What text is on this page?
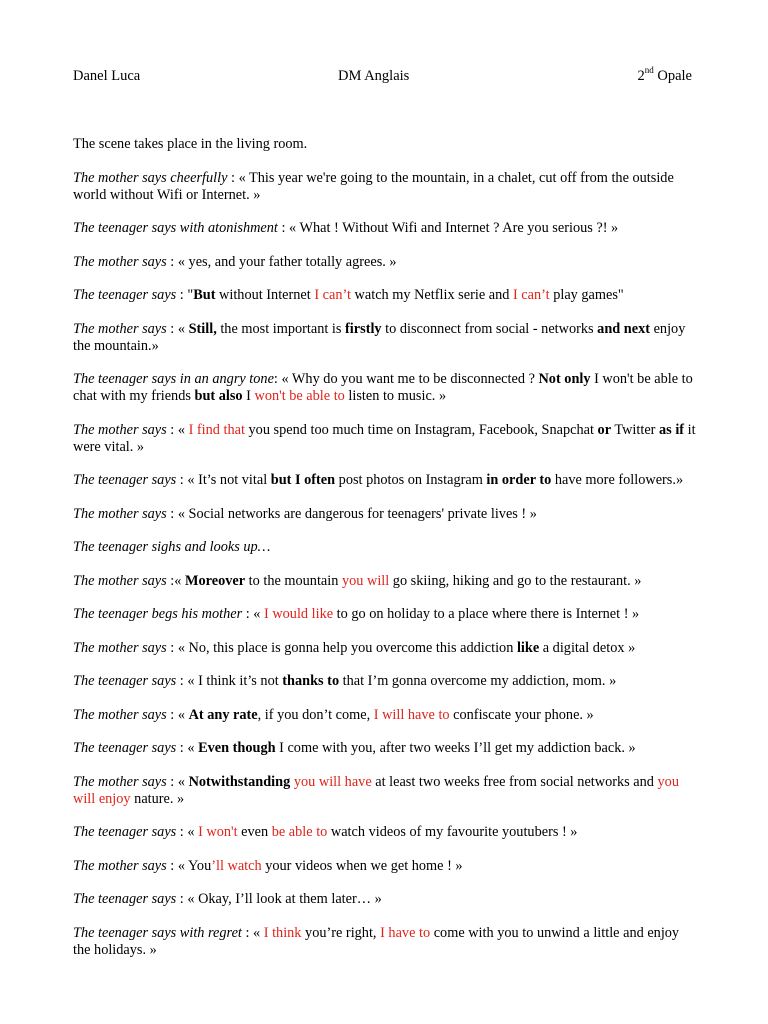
Danel Luca	DM Anglais	2nd Opale

The scene takes place in the living room.

The mother says cheerfully : « This year we're going to the mountain, in a chalet, cut off from the outside world without Wifi or Internet. »

The teenager says with atonishment : « What ! Without Wifi and Internet ? Are you serious ?! »

The mother says : « yes, and your father totally agrees. »

The teenager says : "But without Internet I can’t watch my Netflix serie and I can’t play games"

The mother says : « Still, the most important is firstly to disconnect from social - networks and next enjoy the mountain.»

The teenager says in an angry tone: « Why do you want me to be disconnected ? Not only I won't be able to chat with my friends but also I won't be able to listen to music. »

The mother says : « I find that you spend too much time on Instagram, Facebook, Snapchat or Twitter as if it were vital. »

The teenager says : « It’s not vital but I often post photos on Instagram in order to have more followers.»

The mother says : « Social networks are dangerous for teenagers' private lives ! »

The teenager sighs and looks up…

The mother says :« Moreover to the mountain you will go skiing, hiking and go to the restaurant. »

The teenager begs his mother : « I would like to go on holiday to a place where there is Internet ! »

The mother says : « No, this place is gonna help you overcome this addiction like a digital detox »

The teenager says : « I think it’s not thanks to that I’m gonna overcome my addiction, mom. »

The mother says : « At any rate, if you don’t come, I will have to confiscate your phone. »

The teenager says : « Even though I come with you, after two weeks I’ll get my addiction back. »

The mother says : « Notwithstanding you will have at least two weeks free from social networks and you will enjoy nature. »

The teenager says : « I won't even be able to watch videos of my favourite youtubers ! »

The mother says : « You’ll watch your videos when we get home ! »

The teenager says : « Okay, I’ll look at them later… »

The teenager says with regret : « I think you’re right, I have to come with you to unwind a little and enjoy the holidays. »
